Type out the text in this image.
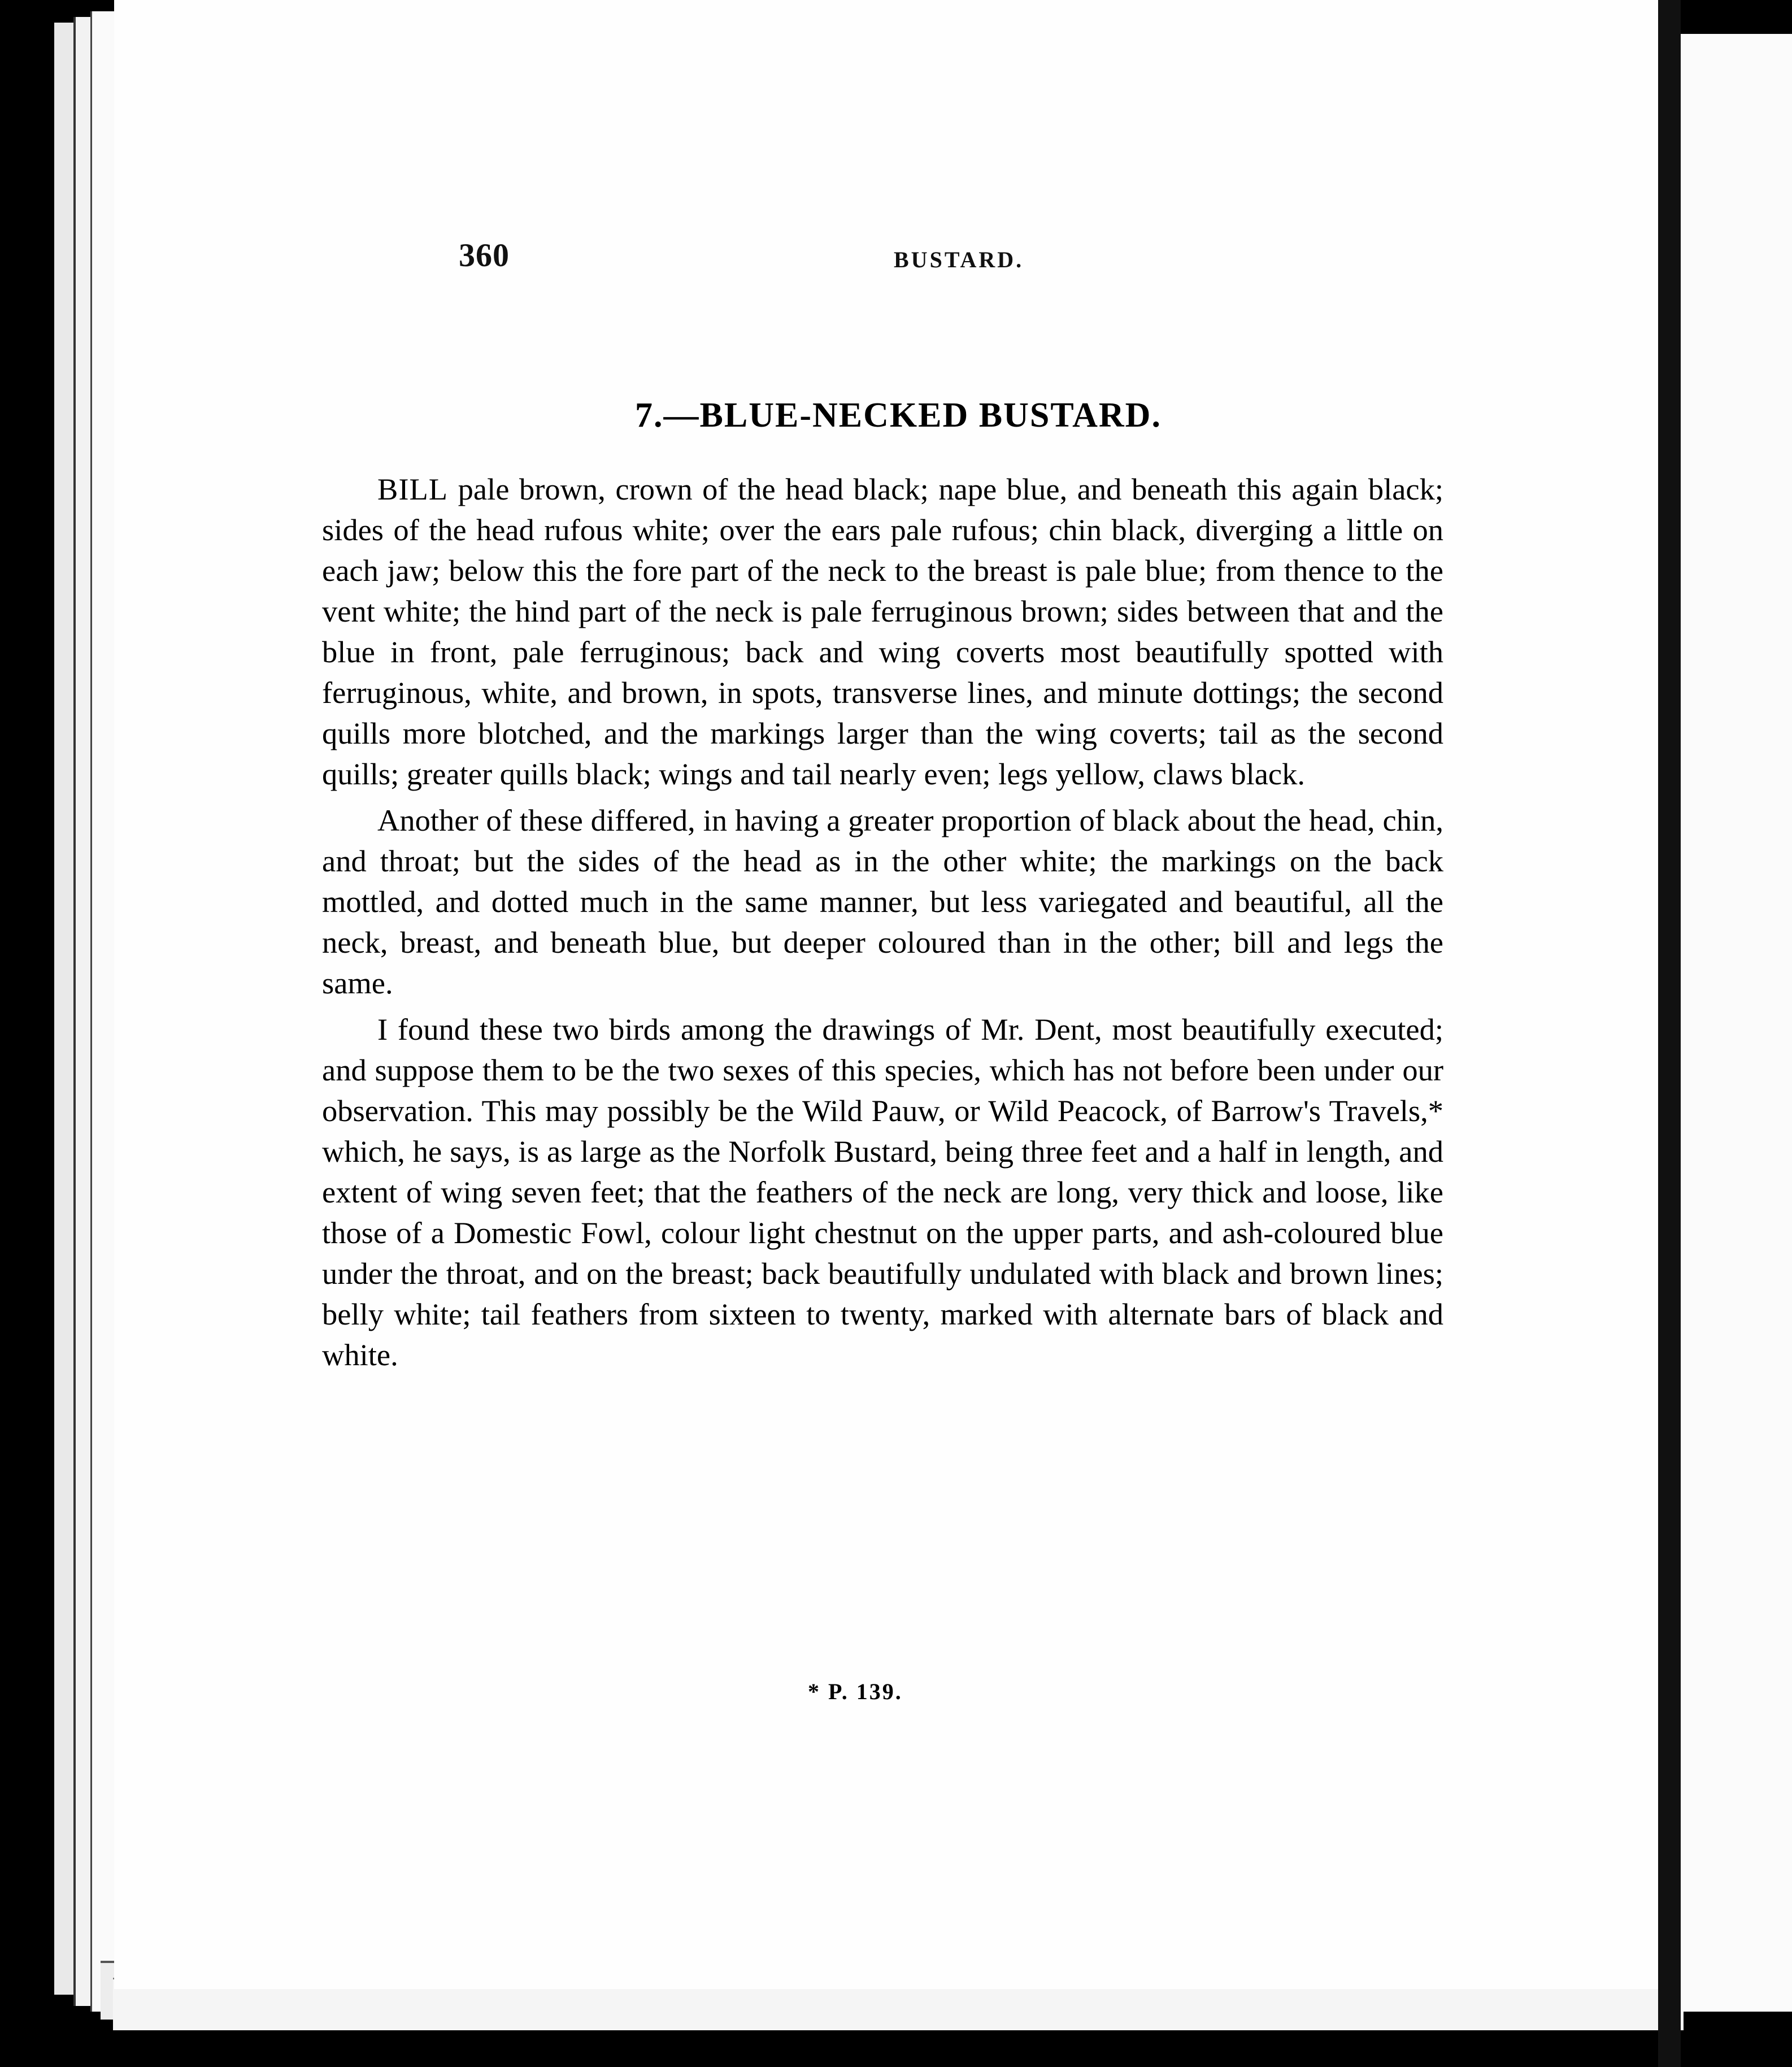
360	BUSTARD.
7.—BLUE-NECKED BUSTARD.

BILL pale brown, crown of the head black; nape blue, and beneath this again black; sides of the head rufous white; over the ears pale rufous; chin black, diverging a little on each jaw; below this the fore part of the neck to the breast is pale blue; from thence to the vent white; the hind part of the neck is pale ferruginous brown; sides between that and the blue in front, pale ferruginous; back and wing coverts most beautifully spotted with ferruginous, white, and brown, in spots, transverse lines, and minute dottings; the second quills more blotched, and the markings larger than the wing coverts; tail as the second quills; greater quills black; wings and tail nearly even; legs yellow, claws black.

Another of these differed, in having a greater proportion of black about the head, chin, and throat; but the sides of the head as in the other white; the markings on the back mottled, and dotted much in the same manner, but less variegated and beautiful, all the neck, breast, and beneath blue, but deeper coloured than in the other; bill and legs the same.

I found these two birds among the drawings of Mr. Dent, most beautifully executed; and suppose them to be the two sexes of this species, which has not before been under our observation. This may possibly be the Wild Pauw, or Wild Peacock, of Barrow's Travels,* which, he says, is as large as the Norfolk Bustard, being three feet and a half in length, and extent of wing seven feet; that the feathers of the neck are long, very thick and loose, like those of a Domestic Fowl, colour light chestnut on the upper parts, and ash-coloured blue under the throat, and on the breast; back beautifully undulated with black and brown lines; belly white; tail feathers from sixteen to twenty, marked with alternate bars of black and white.

* P. 139.
